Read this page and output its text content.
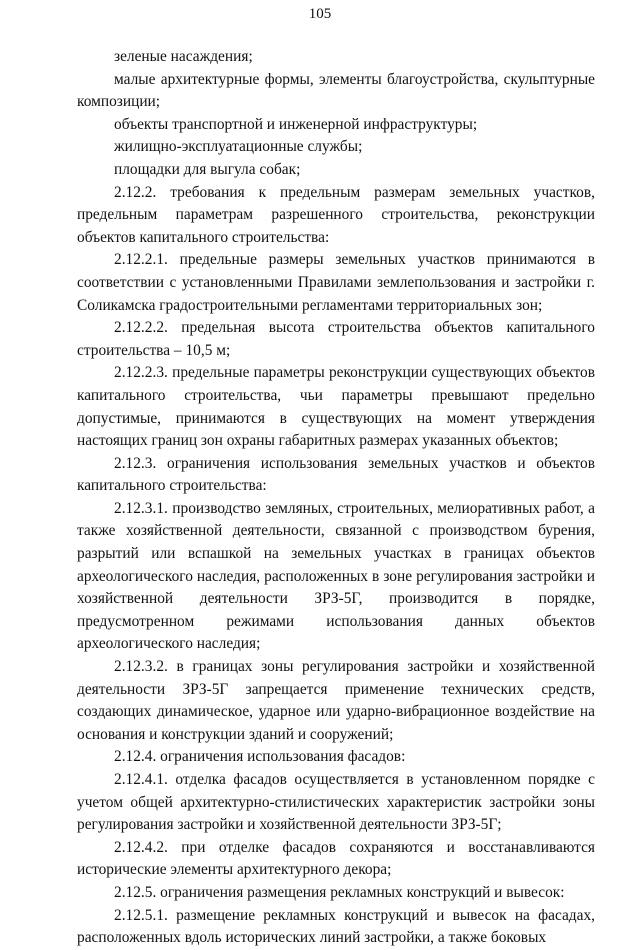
105

зеленые насаждения;

малые архитектурные формы, элементы благоустройства, скульптурные композиции;

объекты транспортной и инженерной инфраструктуры;

жилищно-эксплуатационные службы;

площадки для выгула собак;

2.12.2. требования к предельным размерам земельных участков, предельным параметрам разрешенного строительства, реконструкции объектов капитального строительства:

2.12.2.1. предельные размеры земельных участков принимаются в соответствии с установленными Правилами землепользования и застройки г. Соликамска градостроительными регламентами территориальных зон;

2.12.2.2. предельная высота строительства объектов капитального строительства – 10,5 м;

2.12.2.3. предельные параметры реконструкции существующих объектов капитального строительства, чьи параметры превышают предельно допустимые, принимаются в существующих на момент утверждения настоящих границ зон охраны габаритных размерах указанных объектов;

2.12.3. ограничения использования земельных участков и объектов капитального строительства:

2.12.3.1. производство земляных, строительных, мелиоративных работ, а также хозяйственной деятельности, связанной с производством бурения, разрытий или вспашкой на земельных участках в границах объектов археологического наследия, расположенных в зоне регулирования застройки и хозяйственной деятельности ЗРЗ-5Г, производится в порядке, предусмотренном режимами использования данных объектов археологического наследия;

2.12.3.2. в границах зоны регулирования застройки и хозяйственной деятельности ЗРЗ-5Г запрещается применение технических средств, создающих динамическое, ударное или ударно-вибрационное воздействие на основания и конструкции зданий и сооружений;

2.12.4. ограничения использования фасадов:

2.12.4.1. отделка фасадов осуществляется в установленном порядке с учетом общей архитектурно-стилистических характеристик застройки зоны регулирования застройки и хозяйственной деятельности ЗРЗ-5Г;

2.12.4.2. при отделке фасадов сохраняются и восстанавливаются исторические элементы архитектурного декора;

2.12.5. ограничения размещения рекламных конструкций и вывесок:

2.12.5.1. размещение рекламных конструкций и вывесок на фасадах, расположенных вдоль исторических линий застройки, а также боковых
